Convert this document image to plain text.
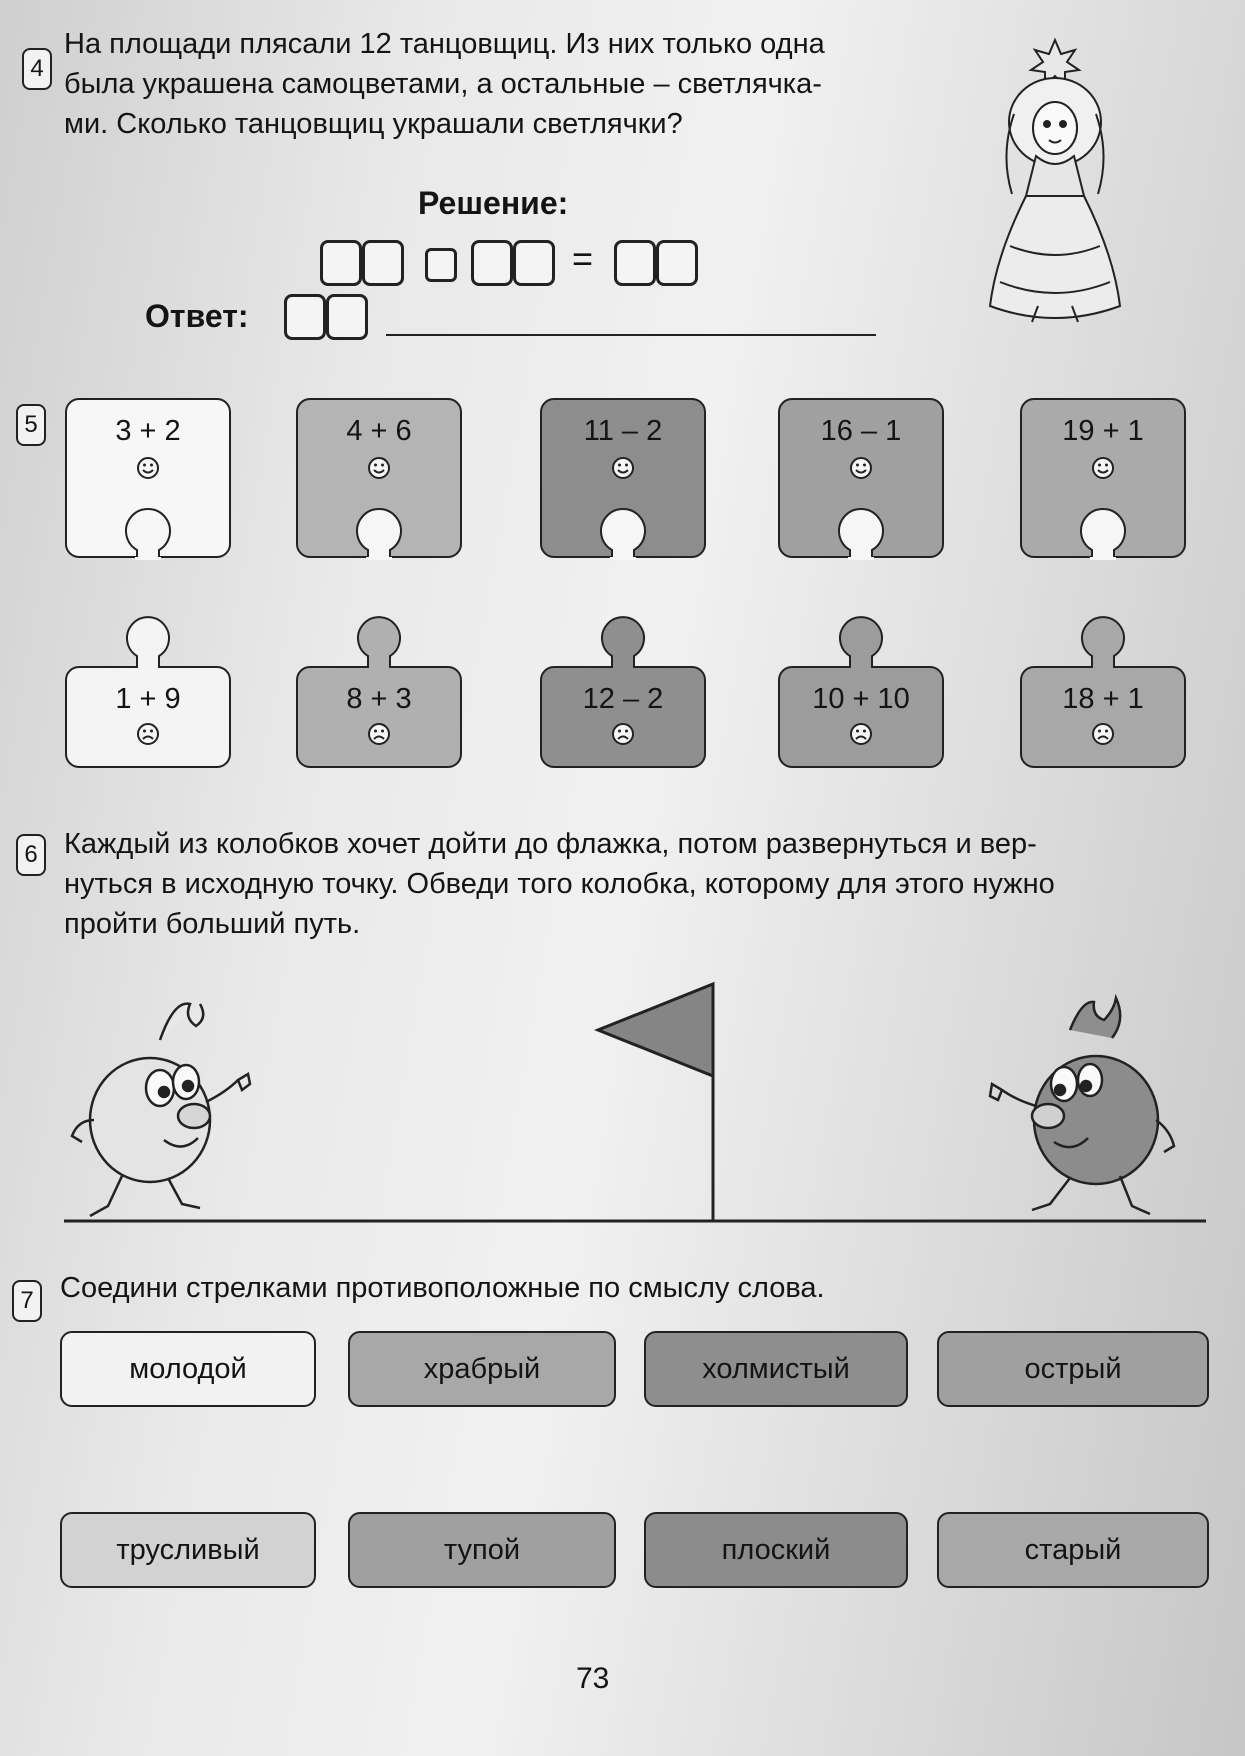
4
На площади плясали 12 танцовщиц. Из них только одна
была украшена самоцветами, а остальные – светлячка-
ми. Сколько танцовщиц украшали светлячки?
Решение:
=
Ответ:
5	3 + 2	4 + 6	11 – 2	16 – 1	19 + 1
1 + 9	8 + 3	12 – 2	10 + 10	18 + 1
6 Каждый из колобков хочет дойти до флажка, потом развернуться и вер-
нуться в исходную точку. Обведи того колобка, которому для этого нужно
пройти больший путь.
7 Соедини стрелками противоположные по смыслу слова.
молодой	храбрый	холмистый	острый
трусливый	тупой	плоский	старый
73
